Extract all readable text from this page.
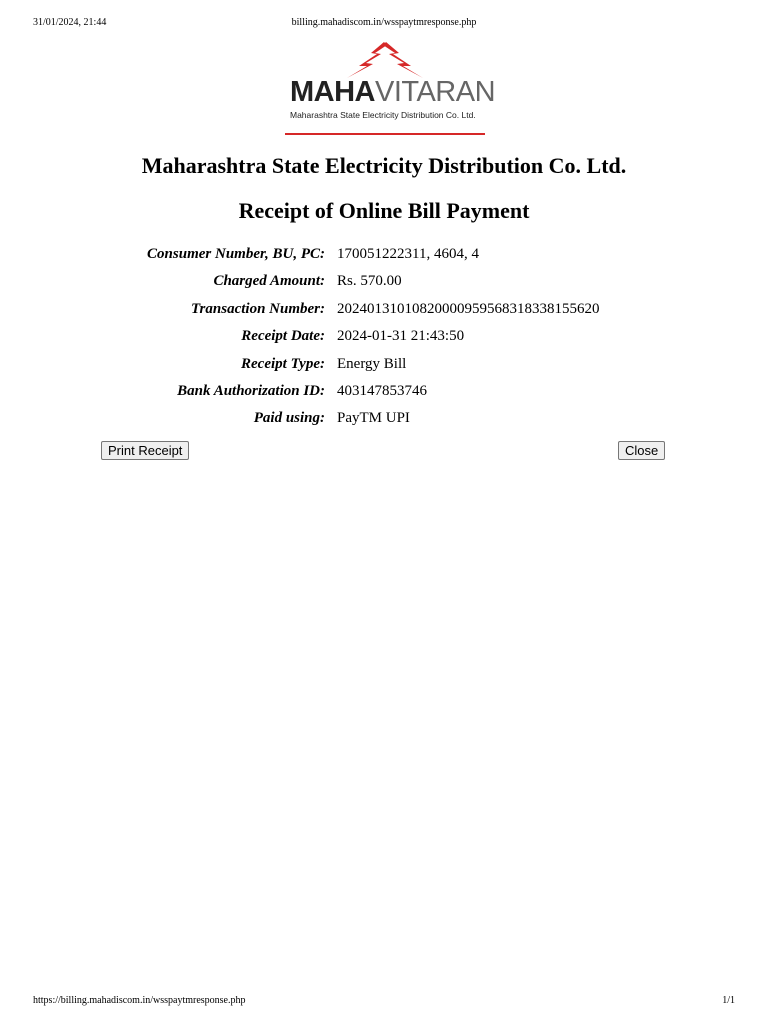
31/01/2024, 21:44	billing.mahadiscom.in/wsspaytmresponse.php
MAHAVITARAN
Maharashtra State Electricity Distribution Co. Ltd.
Maharashtra State Electricity Distribution Co. Ltd.
Receipt of Online Bill Payment
Consumer Number, BU, PC: 170051222311, 4604, 4
Charged Amount: Rs. 570.00
Transaction Number: 20240131010820000959568318338155620
Receipt Date: 2024-01-31 21:43:50
Receipt Type: Energy Bill
Bank Authorization ID: 403147853746
Paid using: PayTM UPI
Print Receipt	Close
https://billing.mahadiscom.in/wsspaytmresponse.php	1/1
